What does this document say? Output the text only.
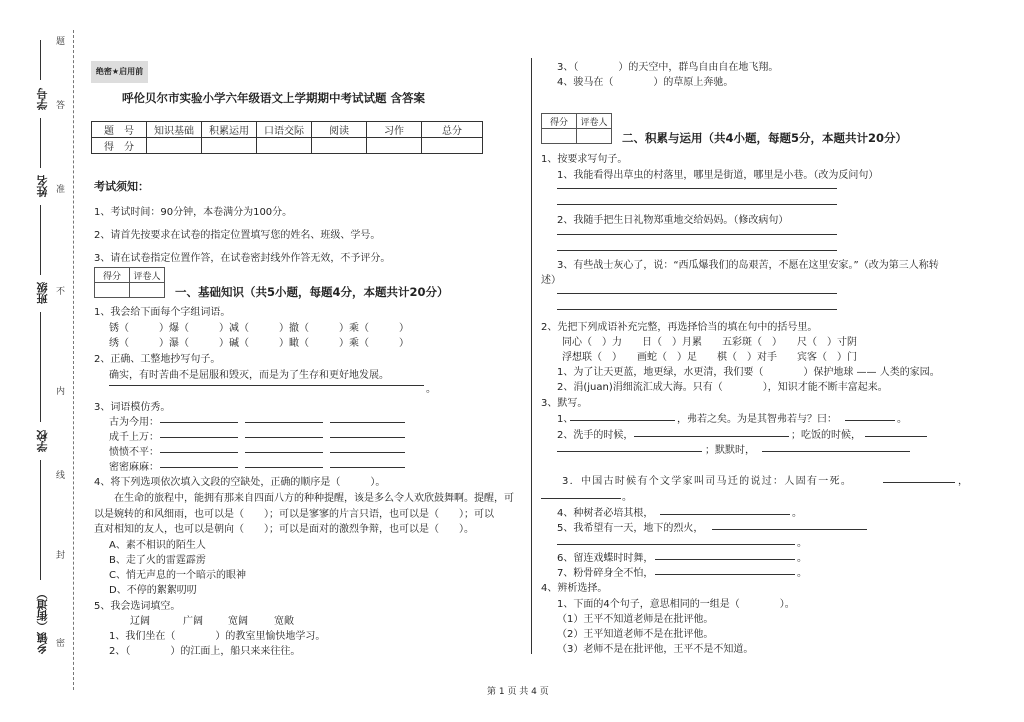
学号
姓名
班级
学校
乡镇（街道）
题
答
准
不
内
线
封
密
绝密★启用前
呼伦贝尔市实验小学六年级语文上学期期中考试试题 含答案
题　号	知识基础	积累运用	口语交际	阅读	习作	总分
得　分						
考试须知：
1、考试时间：90分钟，本卷满分为100分。
2、请首先按要求在试卷的指定位置填写您的姓名、班级、学号。
3、请在试卷指定位置作答，在试卷密封线外作答无效，不予评分。
得分	评卷人

一、基础知识（共5小题，每题4分，本题共计20分）
1、我会给下面每个字组词语。
锈（　　　）爆（　　　）减（　　　）撤（　　　）乘（　　　）
绣（　　　）瀑（　　　）碱（　　　）瞰（　　　）乘（　　　）
2、正确、工整地抄写句子。
确实，有时苦曲不是屈服和毁灭，而是为了生存和更好地发展。
。
3、词语模仿秀。
古为今用：
成千上万：
愤愤不平：
密密麻麻：
4、将下列选项依次填入文段的空缺处，正确的顺序是（　　　）。
　　在生命的旅程中，能拥有那来自四面八方的种种提醒，该是多么令人欢欣鼓舞啊。提醒，可
以是婉转的和风细雨，也可以是（　　）；可以是寥寥的片言只语，也可以是（　　）；可以
直对相知的友人，也可以是朝向（　　）；可以是面对的激烈争辩，也可以是（　　）。
A、素不相识的陌生人
B、走了火的雷霆霹雳
C、悄无声息的一个暗示的眼神
D、不停的絮絮叨叨
5、我会选词填空。
辽阔	广阔	宽阔	宽敞
1、我们坐在（　　　　）的教室里愉快地学习。
2、（　　　　）的江面上，船只来来往往。
3、（　　　　）的天空中，群鸟自由自在地飞翔。
4、骏马在（　　　　）的草原上奔驰。
得分	评卷人

二、积累与运用（共4小题，每题5分，本题共计20分）
1、按要求写句子。
1、我能看得出草虫的村落里，哪里是街道，哪里是小巷。（改为反问句）
2、我随手把生日礼物郑重地交给妈妈。（修改病句）
3、有些战士灰心了，说：“西瓜爆我们的岛艰苦，不愿在这里安家。”（改为第三人称转
述）
2、先把下列成语补充完整，再选择恰当的填在句中的括号里。
同心（　）力　　日（　）月累　　五彩斑（　）　　尺（　）寸阴
浮想联（　）　　画蛇（　）足　　棋（　）对手　　宾客（　）门
1、为了让天更蓝，地更绿，水更清，我们要（　　　　）保护地球 —— 人类的家园。
2、涓(juan)涓细流汇成大海。只有（　　　　），知识才能不断丰富起来。
3、默写。
1、	，弗若之矣。为是其智弗若与？曰：	。
2、洗手的时候，	；吃饭的时候，
；默默时，
3．中国古时候有个文学家叫司马迁的说过：人固有一死。	，
。
4、种树者必培其根，	。
5、我希望有一天，地下的烈火，
。
6、留连戏蝶时时舞，	。
7、粉骨碎身全不怕，	。
4、辨析选择。
1、下面的4个句子，意思相同的一组是（　　　　）。
（1）王平不知道老师是在批评他。
（2）王平知道老师不是在批评他。
（3）老师不是在批评他，王平不是不知道。
第 1 页 共 4 页
